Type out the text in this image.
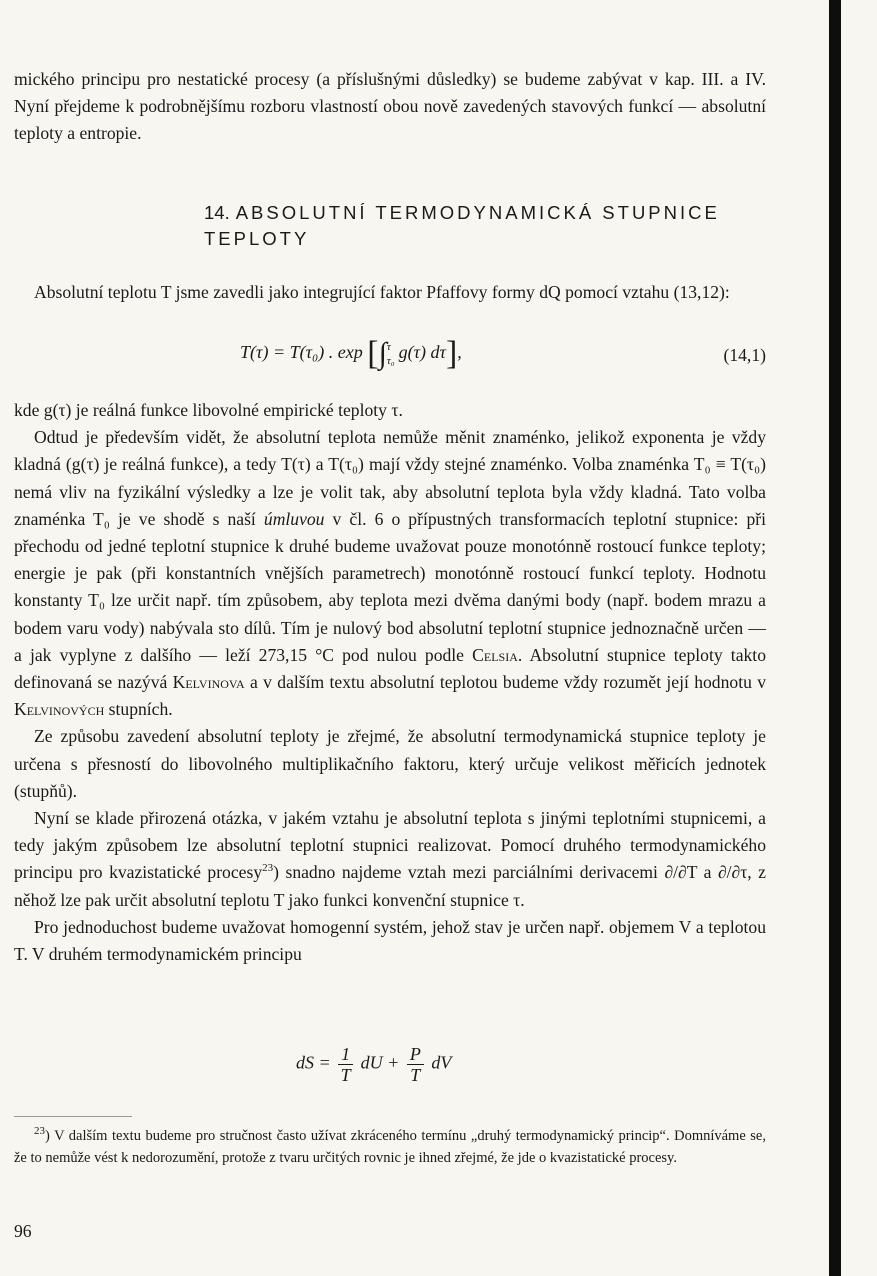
mického principu pro nestatické procesy (a příslušnými důsledky) se budeme zabývat v kap. III. a IV. Nyní přejdeme k podrobnějšímu rozboru vlastností obou nově zavedených stavových funkcí — absolutní teploty a entropie.

14. ABSOLUTNÍ TERMODYNAMICKÁ STUPNICE
TEPLOTY

Absolutní teplotu T jsme zavedli jako integrující faktor Pfaffovy formy dQ pomocí vztahu (13,12):

T(τ) = T(τ₀) . exp [∫ τ
τ₀ g(τ) dτ],	(14,1)

kde g(τ) je reálná funkce libovolné empirické teploty τ.

Odtud je především vidět, že absolutní teplota nemůže měnit znaménko, jelikož exponenta je vždy kladná (g(τ) je reálná funkce), a tedy T(τ) a T(τ₀) mají vždy stejné znaménko. Volba znaménka T₀ ≡ T(τ₀) nemá vliv na fyzikální výsledky a lze je volit tak, aby absolutní teplota byla vždy kladná. Tato volba znaménka T₀ je ve shodě s naší úmluvou v čl. 6 o přípustných transformacích teplotní stupnice: při přechodu od jedné teplotní stupnice k druhé budeme uvažovat pouze monotónně rostoucí funkce teploty; energie je pak (při konstantních vnějších parametrech) monotónně rostoucí funkcí teploty. Hodnotu konstanty T₀ lze určit např. tím způsobem, aby teplota mezi dvěma danými body (např. bodem mrazu a bodem varu vody) nabývala sto dílů. Tím je nulový bod absolutní teplotní stupnice jednoznačně určen — a jak vyplyne z dalšího — leží 273,15 °C pod nulou podle Celsia. Absolutní stupnice teploty takto definovaná se nazývá Kelvinova a v dalším textu absolutní teplotou budeme vždy rozumět její hodnotu v Kelvinových stupních.

Ze způsobu zavedení absolutní teploty je zřejmé, že absolutní termodynamická stupnice teploty je určena s přesností do libovolného multiplikačního faktoru, který určuje velikost měřicích jednotek (stupňů).

Nyní se klade přirozená otázka, v jakém vztahu je absolutní teplota s jinými teplotními stupnicemi, a tedy jakým způsobem lze absolutní teplotní stupnici realizovat. Pomocí druhého termodynamického principu pro kvazistatické procesy$^{23}$) snadno najdeme vztah mezi parciálními derivacemi ∂/∂T a ∂/∂τ, z něhož lze pak určit absolutní teplotu T jako funkci konvenční stupnice τ.

Pro jednoduchost budeme uvažovat homogenní systém, jehož stav je určen např. objemem V a teplotou T. V druhém termodynamickém principu

dS = $\frac{1}{T}$ dU + $\frac{P}{T}$ dV

$^{23}$) V dalším textu budeme pro stručnost často užívat zkráceného termínu „druhý termodynamický princip“. Domníváme se, že to nemůže vést k nedorozumění, protože z tvaru určitých rovnic je ihned zřejmé, že jde o kvazistatické procesy.

96
